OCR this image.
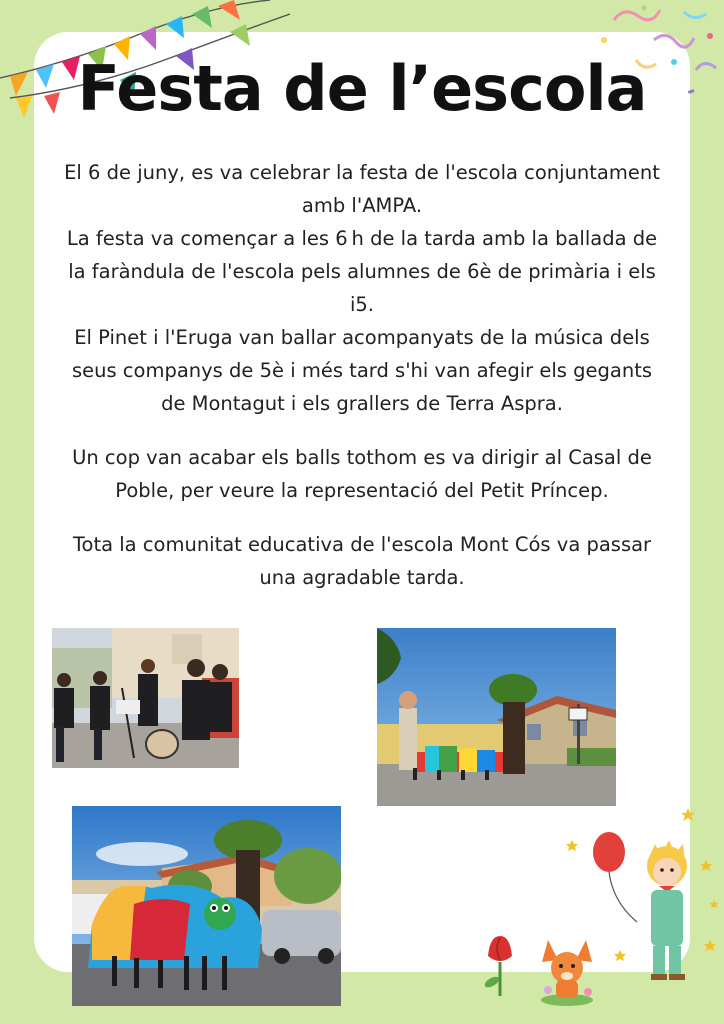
Festa de l’escola

El 6 de juny, es va celebrar la festa de l'escola conjuntament amb l'AMPA.

La festa va començar a les 6 h de la tarda amb la ballada de la faràndula de l'escola pels alumnes de 6è de primària i els i5.

El Pinet i l'Eruga van ballar acompanyats de la música dels seus companys de 5è i més tard s'hi van afegir els gegants de Montagut i els grallers de Terra Aspra.

Un cop van acabar els balls tothom es va dirigir al Casal de Poble, per veure la representació del Petit Príncep.

Tota la comunitat educativa de l'escola Mont Cós va passar una agradable tarda.
